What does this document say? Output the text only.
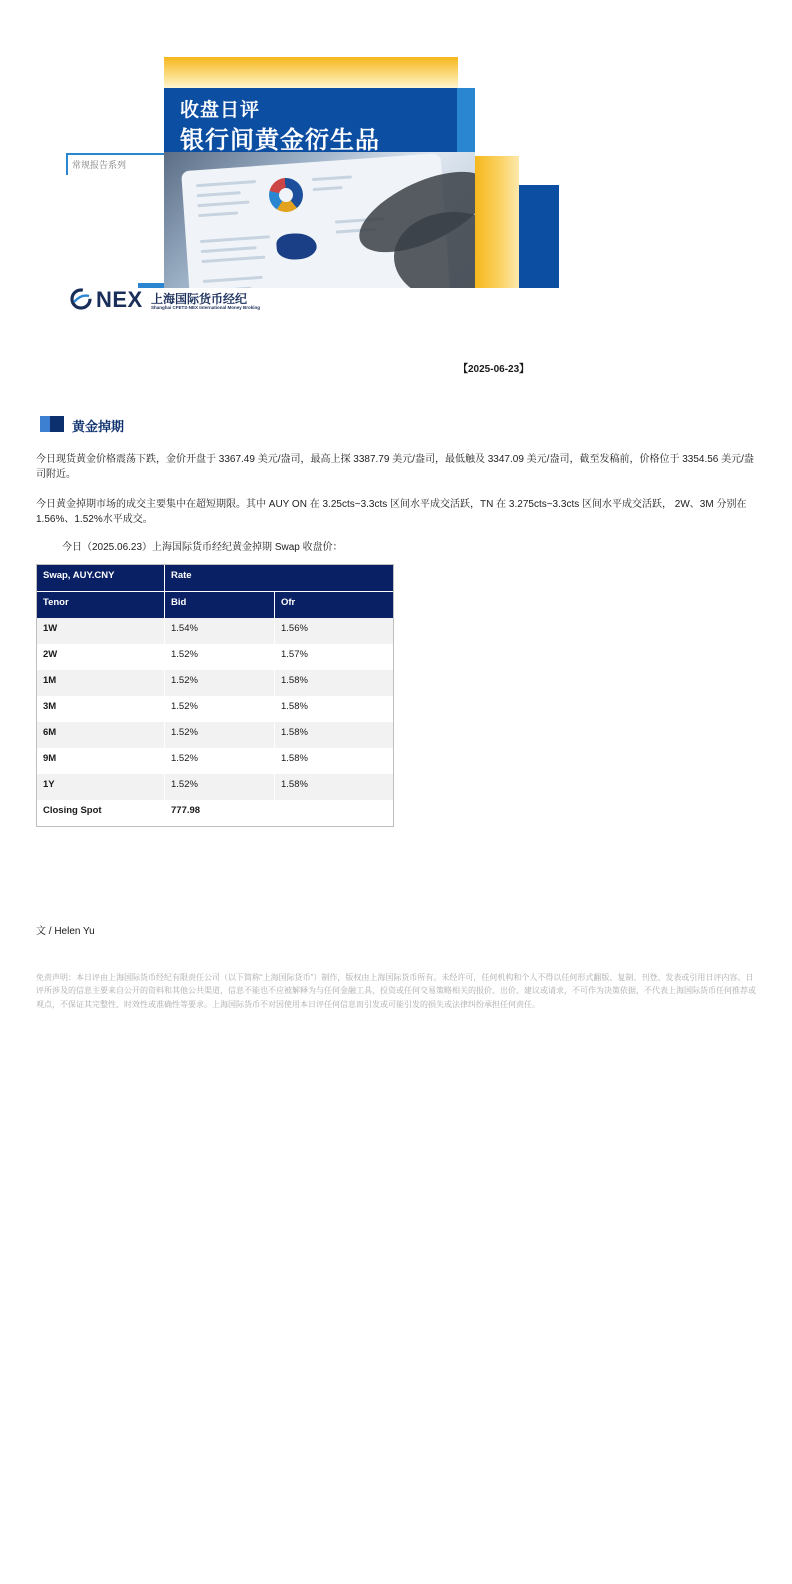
收盘日评
银行间黄金衍生品
常规报告系列
NEX 上海国际货币经纪
Shanghai CFETS-NEX International Money Broking
【2025-06-23】
黄金掉期
今日现货黄金价格震荡下跌，金价开盘于 3367.49 美元/盎司，最高上探 3387.79 美元/盎司，最低触及 3347.09 美元/盎司，截至发稿前，价格位于 3354.56 美元/盎司附近。
今日黄金掉期市场的成交主要集中在超短期限。其中 AUY ON 在 3.25cts~3.3cts 区间水平成交活跃，TN 在 3.275cts~3.3cts 区间水平成交活跃， 2W、3M 分别在 1.56%、1.52%水平成交。
今日（2025.06.23）上海国际货币经纪黄金掉期 Swap 收盘价：
Swap, AUY.CNY	Rate
Tenor	Bid	Ofr
1W	1.54%	1.56%
2W	1.52%	1.57%
1M	1.52%	1.58%
3M	1.52%	1.58%
6M	1.52%	1.58%
9M	1.52%	1.58%
1Y	1.52%	1.58%
Closing Spot	777.98
文 / Helen Yu
免责声明：本日评由上海国际货币经纪有限责任公司（以下简称“上海国际货币”）制作，版权由上海国际货币所有。未经许可，任何机构和个人不得以任何形式翻版、复制、刊登、发表或引用日评内容。日评所涉及的信息主要来自公开的资料和其他公共渠道，信息不能也不应被解释为与任何金融工具、投资或任何交易策略相关的报价、出价、建议或请求，不可作为决策依据，不代表上海国际货币任何推荐或观点，不保证其完整性、时效性或准确性等要求。上海国际货币不对因使用本日评任何信息而引发或可能引发的损失或法律纠纷承担任何责任。
